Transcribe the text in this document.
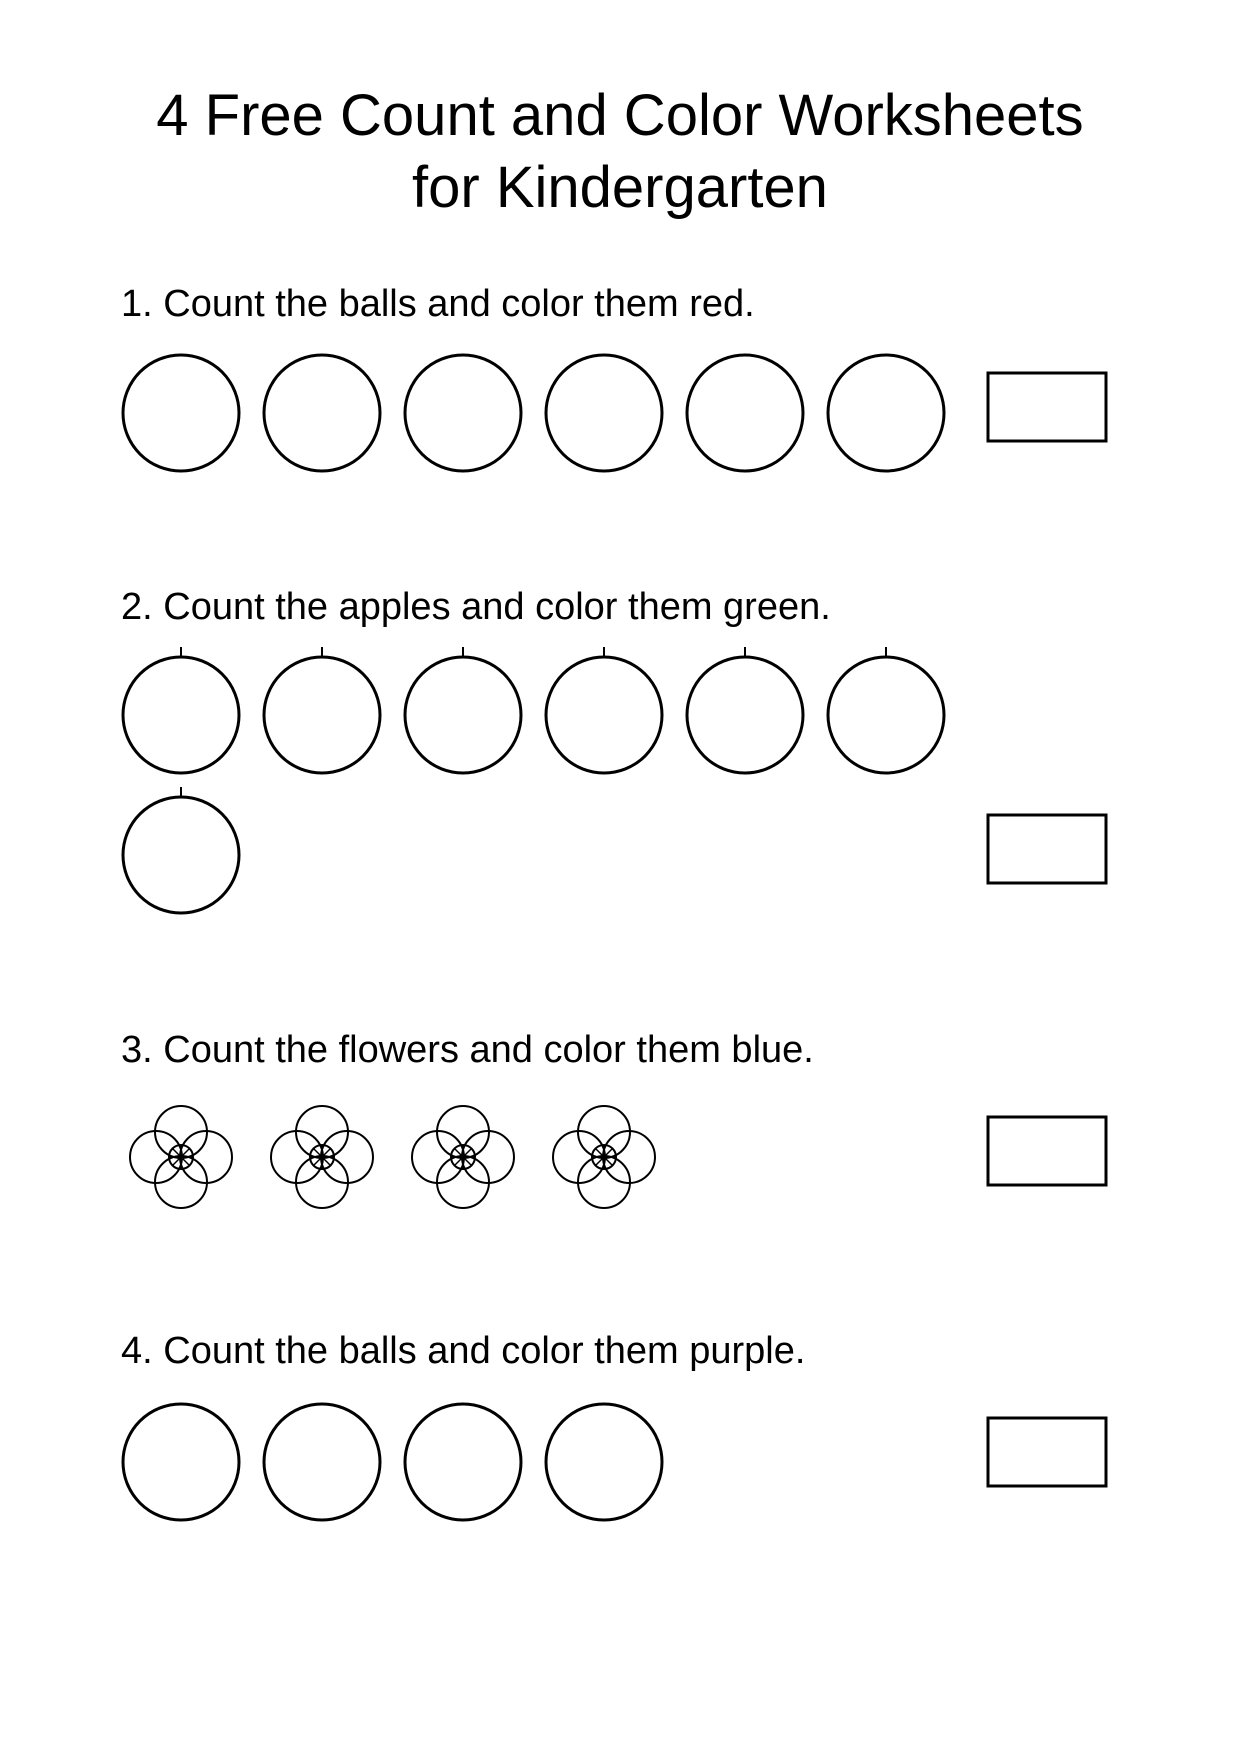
4 Free Count and Color Worksheets
for Kindergarten

1. Count the balls and color them red.

2. Count the apples and color them green.

3. Count the flowers and color them blue.

4. Count the balls and color them purple.
